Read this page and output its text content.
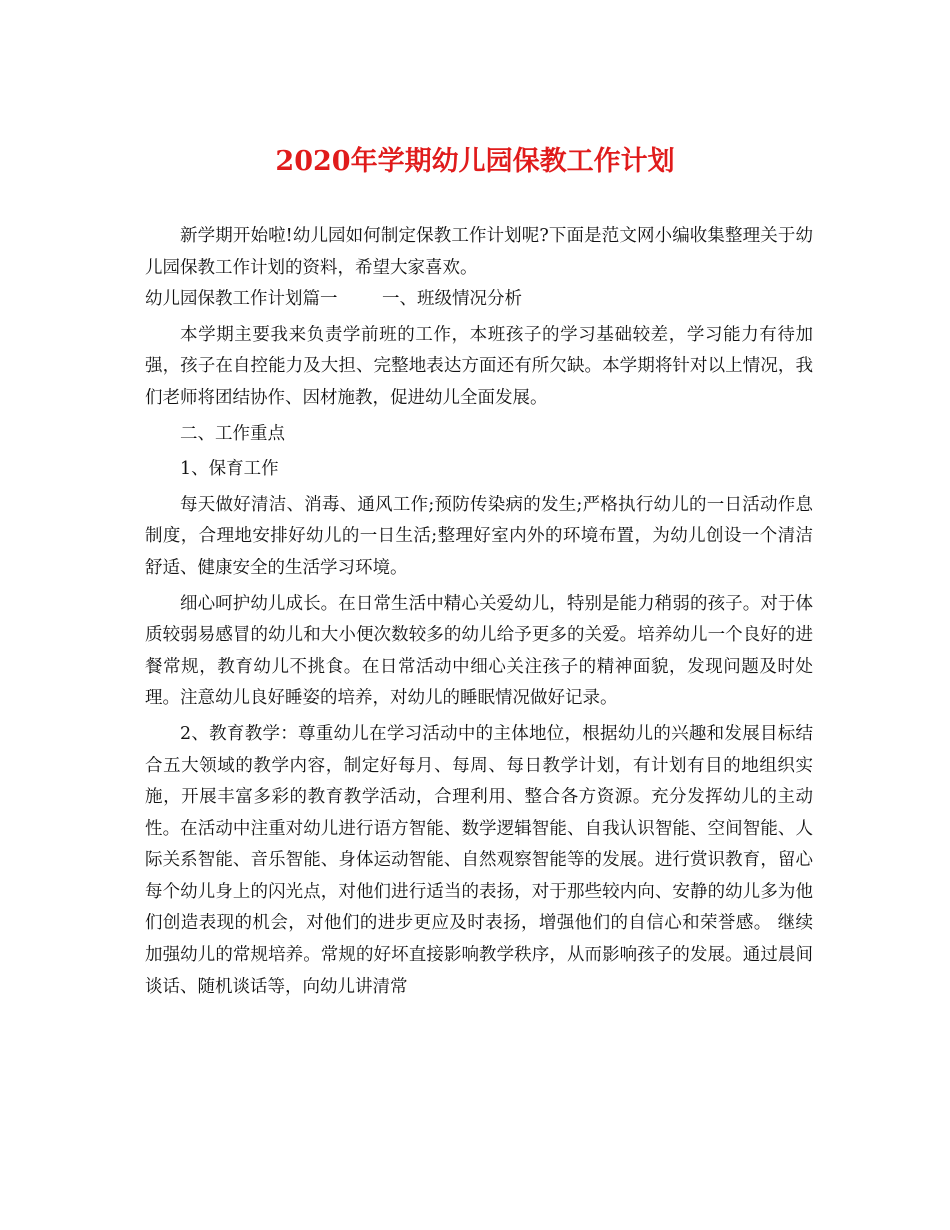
2020年学期幼儿园保教工作计划

新学期开始啦!幼儿园如何制定保教工作计划呢?下面是范文网小编收集整理关于幼儿园保教工作计划的资料，希望大家喜欢。

幼儿园保教工作计划篇一	一、班级情况分析

本学期主要我来负责学前班的工作，本班孩子的学习基础较差，学习能力有待加强，孩子在自控能力及大担、完整地表达方面还有所欠缺。本学期将针对以上情况，我们老师将团结协作、因材施教，促进幼儿全面发展。

二、工作重点

1、保育工作

每天做好清洁、消毒、通风工作;预防传染病的发生;严格执行幼儿的一日活动作息制度，合理地安排好幼儿的一日生活;整理好室内外的环境布置，为幼儿创设一个清洁舒适、健康安全的生活学习环境。

细心呵护幼儿成长。在日常生活中精心关爱幼儿，特别是能力稍弱的孩子。对于体质较弱易感冒的幼儿和大小便次数较多的幼儿给予更多的关爱。培养幼儿一个良好的进餐常规，教育幼儿不挑食。在日常活动中细心关注孩子的精神面貌，发现问题及时处理。注意幼儿良好睡姿的培养，对幼儿的睡眠情况做好记录。

2、教育教学：尊重幼儿在学习活动中的主体地位，根据幼儿的兴趣和发展目标结合五大领域的教学内容，制定好每月、每周、每日教学计划，有计划有目的地组织实施，开展丰富多彩的教育教学活动，合理利用、整合各方资源。充分发挥幼儿的主动性。在活动中注重对幼儿进行语方智能、数学逻辑智能、自我认识智能、空间智能、人际关系智能、音乐智能、身体运动智能、自然观察智能等的发展。进行赏识教育，留心每个幼儿身上的闪光点，对他们进行适当的表扬，对于那些较内向、安静的幼儿多为他们创造表现的机会，对他们的进步更应及时表扬，增强他们的自信心和荣誉感。 继续加强幼儿的常规培养。常规的好坏直接影响教学秩序，从而影响孩子的发展。通过晨间谈话、随机谈话等，向幼儿讲清常
